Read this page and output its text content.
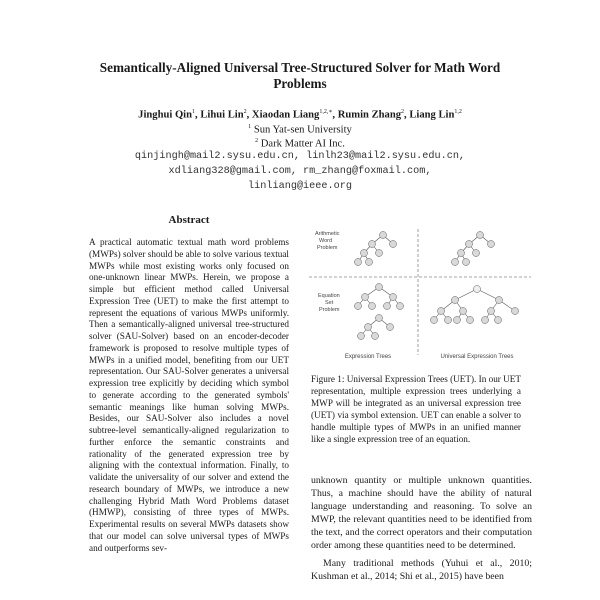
Semantically-Aligned Universal Tree-Structured Solver for Math Word
Problems
Jinghui Qin$^1$, Lihui Lin$^2$, Xiaodan Liang$^{1,2,∗}$, Rumin Zhang$^2$, Liang Lin$^{1,2}$
$^1$ Sun Yat-sen University
$^2$ Dark Matter AI Inc.
qinjingh@mail2.sysu.edu.cn, linlh23@mail2.sysu.edu.cn,
xdliang328@gmail.com, rm_zhang@foxmail.com,
linliang@ieee.org
Abstract
A practical automatic textual math word problems (MWPs) solver should be able to solve various textual MWPs while most existing works only focused on one-unknown linear MWPs. Herein, we propose a simple but efficient method called Universal Expression Tree (UET) to make the first attempt to represent the equations of various MWPs uniformly. Then a semantically-aligned universal tree-structured solver (SAU-Solver) based on an encoder-decoder framework is proposed to resolve multiple types of MWPs in a unified model, benefiting from our UET representation. Our SAU-Solver generates a universal expression tree explicitly by deciding which symbol to generate according to the generated symbols' semantic meanings like human solving MWPs. Besides, our SAU-Solver also includes a novel subtree-level semantically-aligned regularization to further enforce the semantic constraints and rationality of the generated expression tree by aligning with the contextual information. Finally, to validate the universality of our solver and extend the research boundary of MWPs, we introduce a new challenging Hybrid Math Word Problems dataset (HMWP), consisting of three types of MWPs. Experimental results on several MWPs datasets show that our model can solve universal types of MWPs and outperforms sev-
Arithmetic Word Problem
Equation Set Problem
Expression Trees	Universal Expression Trees
Figure 1: Universal Expression Trees (UET). In our UET representation, multiple expression trees underlying a MWP will be integrated as an universal expression tree (UET) via symbol extension. UET can enable a solver to handle multiple types of MWPs in an unified manner like a single expression tree of an equation.

unknown quantity or multiple unknown quantities. Thus, a machine should have the ability of natural language understanding and reasoning. To solve an MWP, the relevant quantities need to be identified from the text, and the correct operators and their computation order among these quantities need to be determined.

Many traditional methods (Yuhui et al., 2010; Kushman et al., 2014; Shi et al., 2015) have been
